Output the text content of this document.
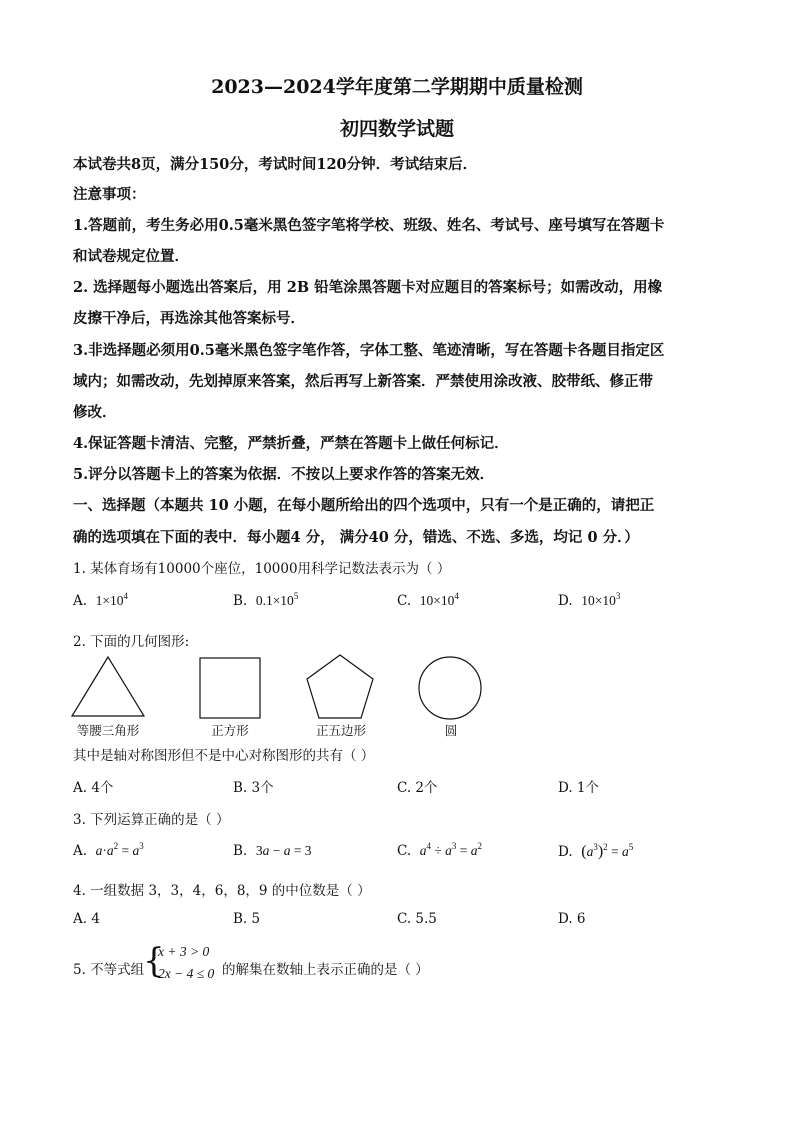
2023—2024学年度第二学期期中质量检测
初四数学试题
本试卷共8页，满分150分，考试时间120分钟．考试结束后．
注意事项：
1.答题前，考生务必用0.5毫米黑色签字笔将学校、班级、姓名、考试号、座号填写在答题卡
和试卷规定位置．
2. 选择题每小题选出答案后，用 2B 铅笔涂黑答题卡对应题目的答案标号；如需改动，用橡
皮擦干净后，再选涂其他答案标号．
3.非选择题必须用0.5毫米黑色签字笔作答，字体工整、笔迹清晰，写在答题卡各题目指定区
域内；如需改动，先划掉原来答案，然后再写上新答案．严禁使用涂改液、胶带纸、修正带
修改．
4.保证答题卡清洁、完整，严禁折叠，严禁在答题卡上做任何标记．
5.评分以答题卡上的答案为依据．不按以上要求作答的答案无效．
一、选择题（本题共 10 小题，在每小题所给出的四个选项中，只有一个是正确的，请把正
确的选项填在下面的表中．每小题4 分， 满分40 分，错选、不选、多选，均记 0 分．）
1. 某体育场有10000个座位，10000用科学记数法表示为（ ）
A. $1\times 10^4$	B. $0.1\times 10^5$	C. $10\times 10^4$	D. $10\times 10^3$
2. 下面的几何图形:
等腰三角形	正方形	正五边形	圆
其中是轴对称图形但不是中心对称图形的共有（ ）
A. 4个	B. 3个	C. 2个	D. 1个
3. 下列运算正确的是（ ）
A. $a\cdot a^2 = a^3$	B. 3a − a = 3	C. $a^4 \div a^3 = a^2$	D. $(a^3)^2 = a^5$
4. 一组数据 3，3，4，6，8，9 的中位数是（ ）
A. 4	B. 5	C. 5.5	D. 6
5. 不等式组
{
x + 3 > 0
2x − 4 ≤ 0 的解集在数轴上表示正确的是（ ）
